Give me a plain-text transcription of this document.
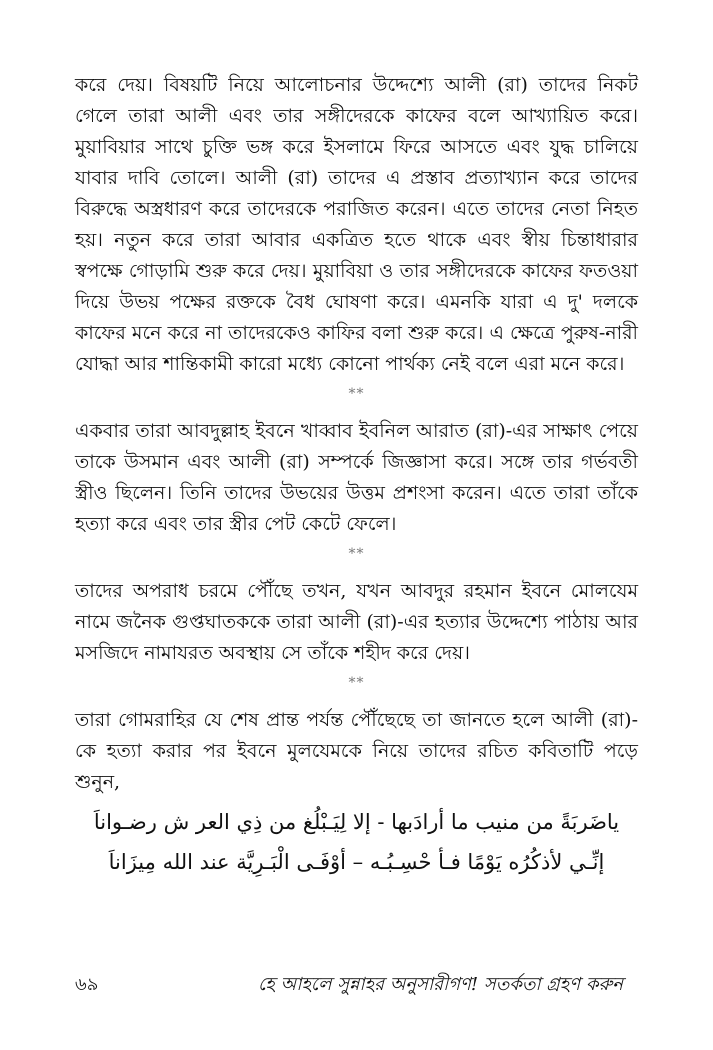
করে দেয়। বিষয়টি নিয়ে আলোচনার উদ্দেশ্যে আলী (রা) তাদের নিকট গেলে তারা আলী এবং তার সঙ্গীদেরকে কাফের বলে আখ্যায়িত করে। মুয়াবিয়ার সাথে চুক্তি ভঙ্গ করে ইসলামে ফিরে আসতে এবং যুদ্ধ চালিয়ে যাবার দাবি তোলে। আলী (রা) তাদের এ প্রস্তাব প্রত্যাখ্যান করে তাদের বিরুদ্ধে অস্ত্রধারণ করে তাদেরকে পরাজিত করেন। এতে তাদের নেতা নিহত হয়। নতুন করে তারা আবার একত্রিত হতে থাকে এবং স্বীয় চিন্তাধারার স্বপক্ষে গোড়ামি শুরু করে দেয়। মুয়াবিয়া ও তার সঙ্গীদেরকে কাফের ফতওয়া দিয়ে উভয় পক্ষের রক্তকে বৈধ ঘোষণা করে। এমনকি যারা এ দু' দলকে কাফের মনে করে না তাদেরকেও কাফির বলা শুরু করে। এ ক্ষেত্রে পুরুষ-নারী যোদ্ধা আর শান্তিকামী কারো মধ্যে কোনো পার্থক্য নেই বলে এরা মনে করে।

**

একবার তারা আবদুল্লাহ ইবনে খাব্বাব ইবনিল আরাত (রা)-এর সাক্ষাৎ পেয়ে তাকে উসমান এবং আলী (রা) সম্পর্কে জিজ্ঞাসা করে। সঙ্গে তার গর্ভবতী স্ত্রীও ছিলেন। তিনি তাদের উভয়ের উত্তম প্রশংসা করেন। এতে তারা তাঁকে হত্যা করে এবং তার স্ত্রীর পেট কেটে ফেলে।

**

তাদের অপরাধ চরমে পৌঁছে তখন, যখন আবদুর রহমান ইবনে মোলযেম নামে জনৈক গুপ্তঘাতককে তারা আলী (রা)-এর হত্যার উদ্দেশ্যে পাঠায় আর মসজিদে নামাযরত অবস্থায় সে তাঁকে শহীদ করে দেয়।

**

তারা গোমরাহির যে শেষ প্রান্ত পর্যন্ত পৌঁছেছে তা জানতে হলে আলী (রা)-কে হত্যা করার পর ইবনে মুলযেমকে নিয়ে তাদের রচিত কবিতাটি পড়ে শুনুন,

ياضَربَةً من منيب ما أرادَبها - إلا لِيَـبْلُغ من ذِي العر ش رضـواناَ

إنِّـي لأذكُرُه يَوْمًا فـأ حْسِـبُـه – أوْفَـى الْبَـرِيَّة عند الله مِيزَاناَ

৬৯	হে আহলে সুন্নাহর অনুসারীগণ! সতর্কতা গ্রহণ করুন
